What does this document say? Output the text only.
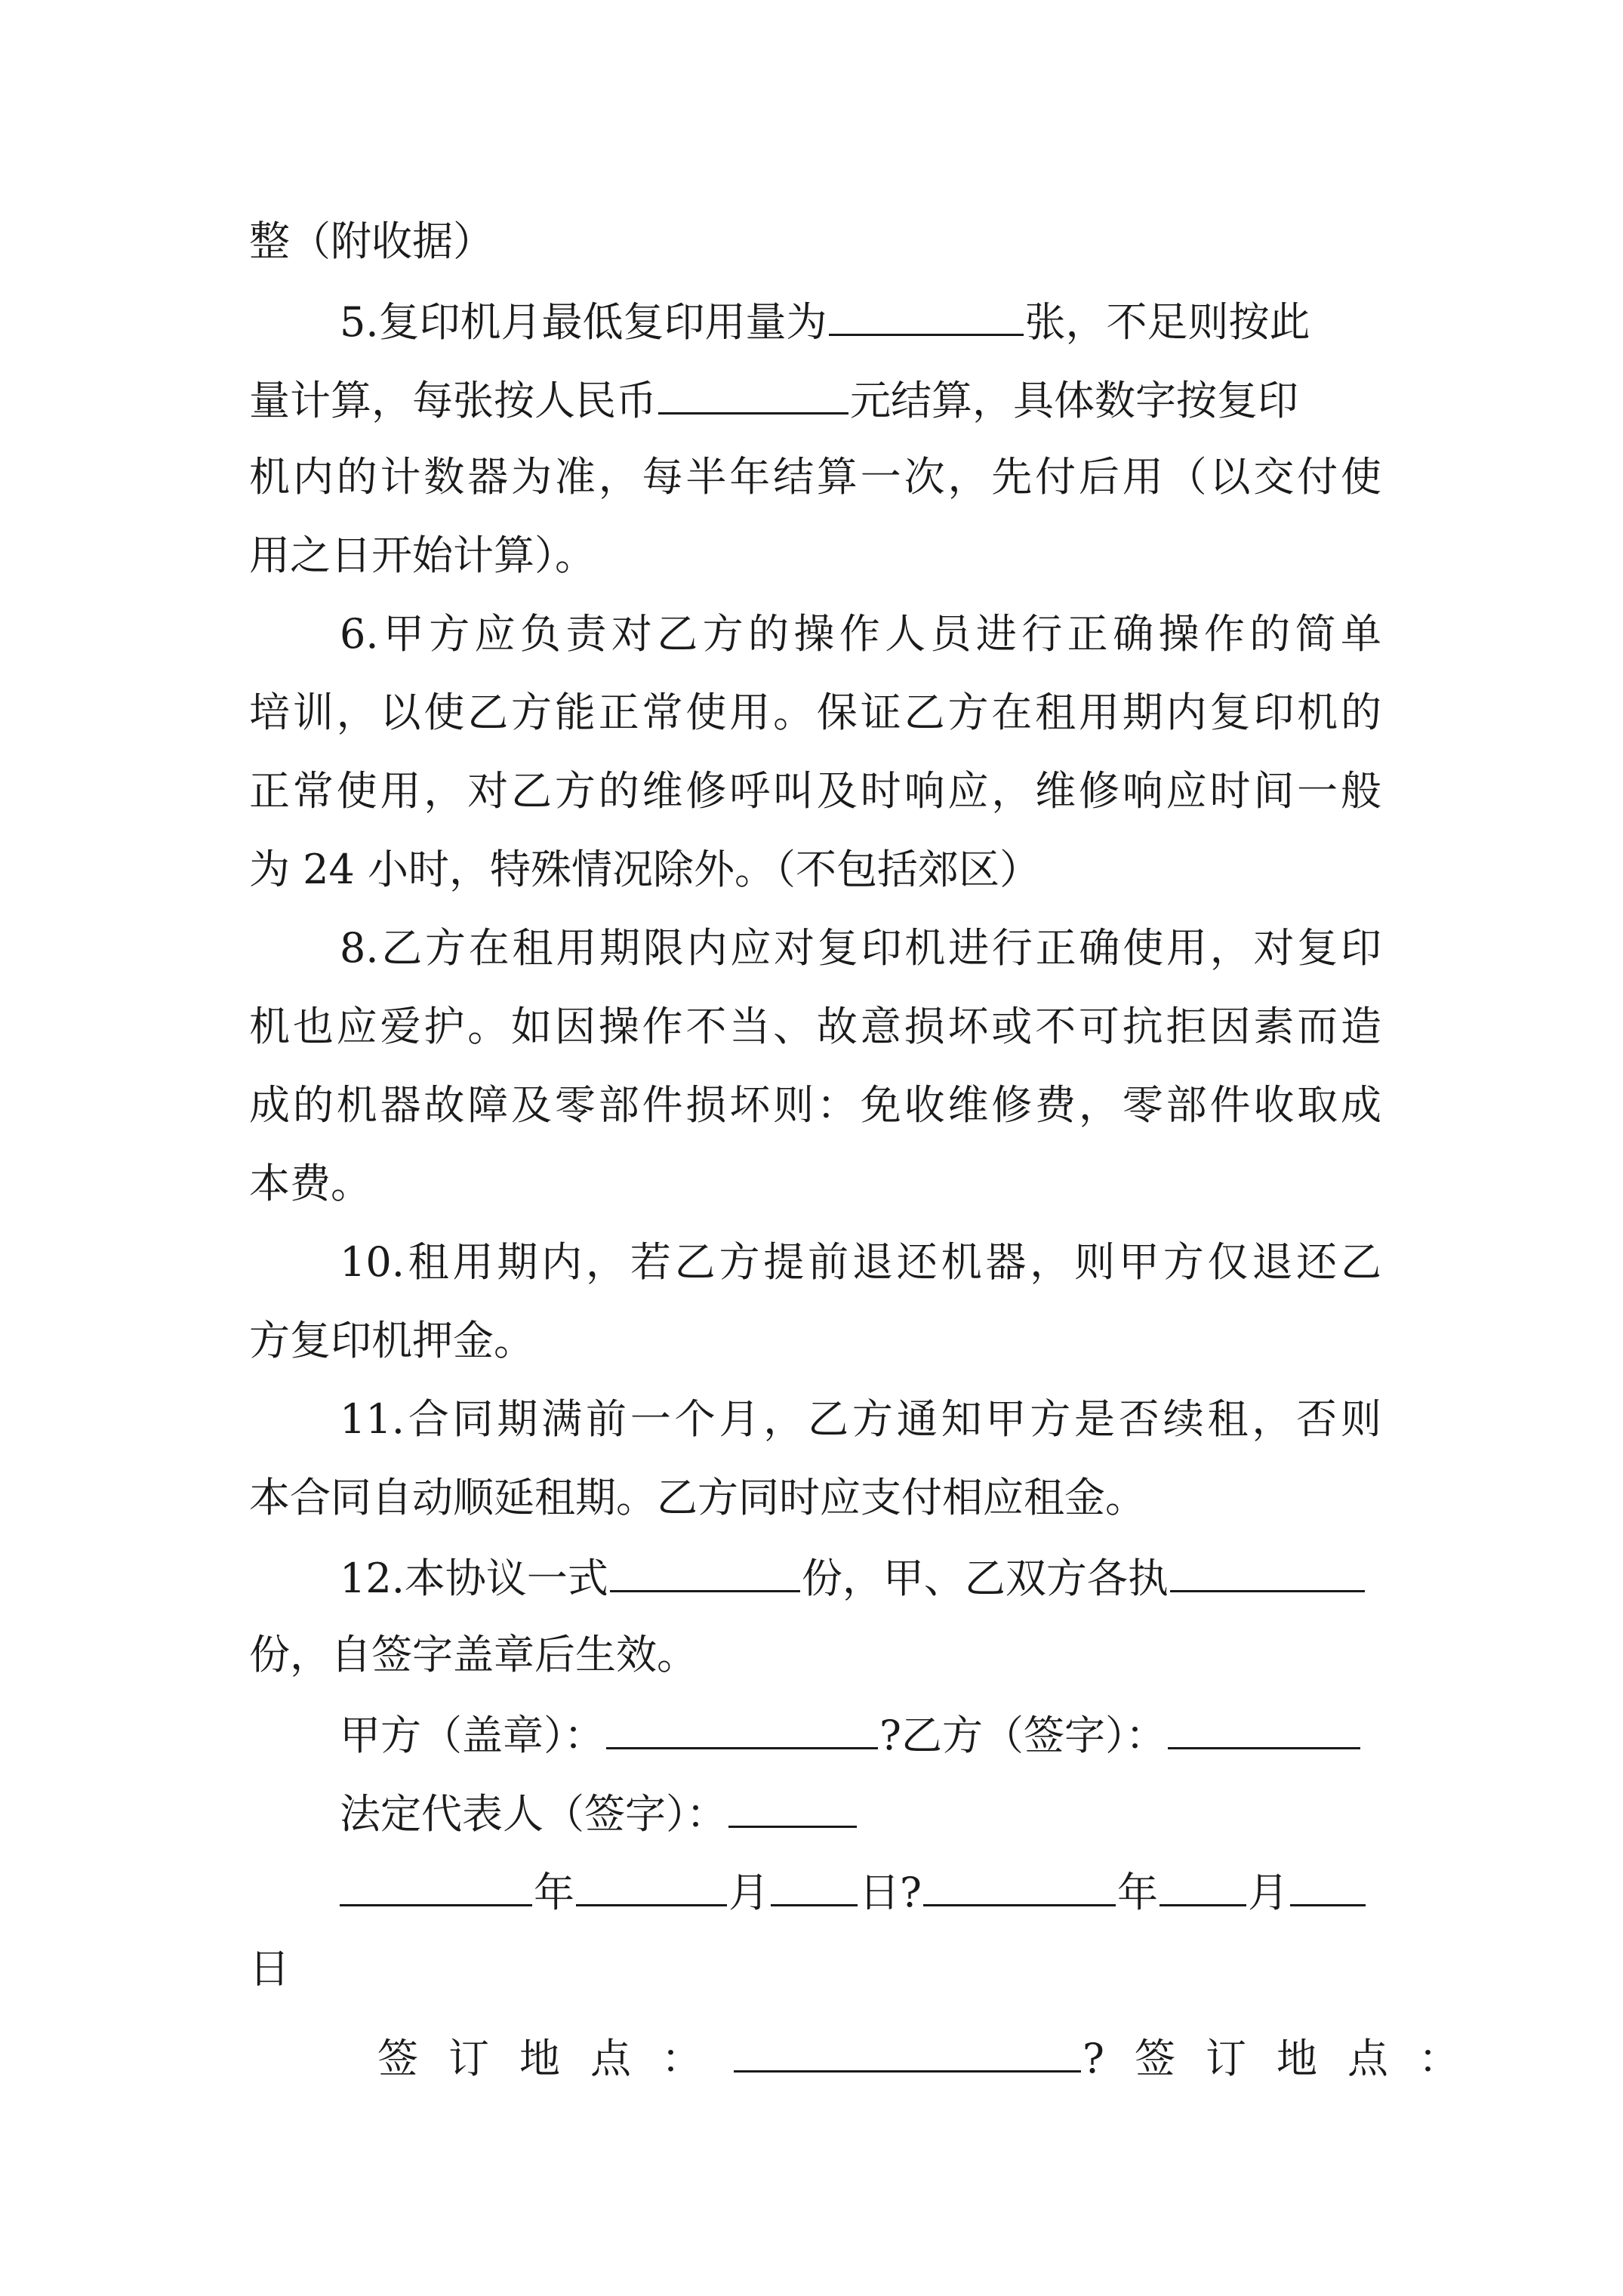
整（附收据）
5.复印机月最低复印用量为	张，不足则按此
量计算，每张按人民币	元结算，具体数字按复印
机内的计数器为准，每半年结算一次，先付后用（以交付使
用之日开始计算）。
6.甲方应负责对乙方的操作人员进行正确操作的简单
培训，以使乙方能正常使用。保证乙方在租用期内复印机的
正常使用，对乙方的维修呼叫及时响应，维修响应时间一般
为 24 小时，特殊情况除外。（不包括郊区）
8.乙方在租用期限内应对复印机进行正确使用，对复印
机也应爱护。如因操作不当、故意损坏或不可抗拒因素而造
成的机器故障及零部件损坏则：免收维修费，零部件收取成
本费。
10.租用期内，若乙方提前退还机器，则甲方仅退还乙
方复印机押金。
11.合同期满前一个月，乙方通知甲方是否续租，否则
本合同自动顺延租期。乙方同时应支付相应租金。
12.本协议一式	份，甲、乙双方各执
份，自签字盖章后生效。
甲方（盖章）：	?乙方（签字）：
法定代表人（签字）：
年	月 日?	年 月
日
签订地点：	?签订地点：
